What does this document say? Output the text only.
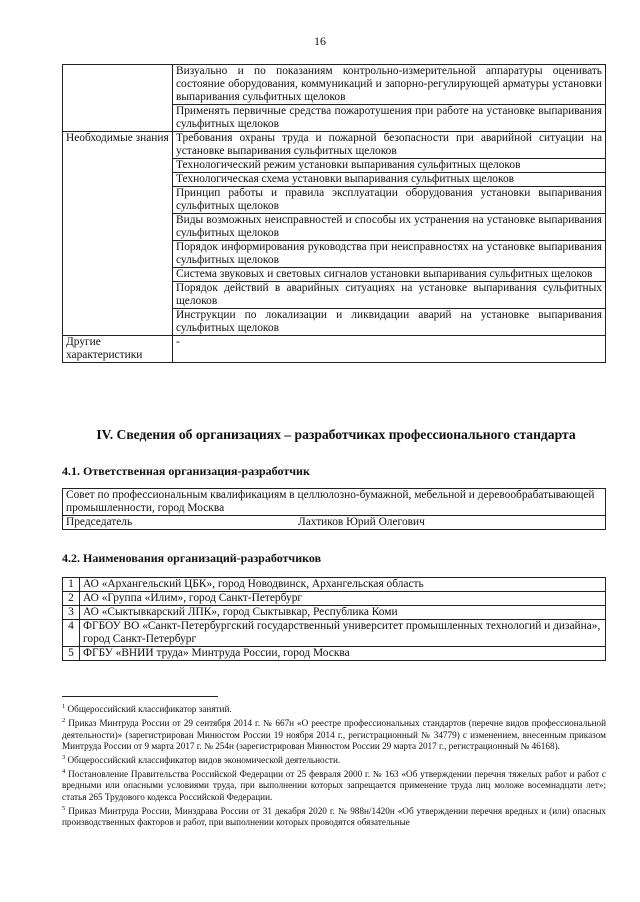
16
	Визуально и по показаниям контрольно-измерительной аппаратуры оценивать состояние оборудования, коммуникаций и запорно-регулирующей арматуры установки выпаривания сульфитных щелоков
	Применять первичные средства пожаротушения при работе на установке выпаривания сульфитных щелоков
Необходимые знания	Требования охраны труда и пожарной безопасности при аварийной ситуации на установке выпаривания сульфитных щелоков
	Технологический режим установки выпаривания сульфитных щелоков
	Технологическая схема установки выпаривания сульфитных щелоков
	Принцип работы и правила эксплуатации оборудования установки выпаривания сульфитных щелоков
	Виды возможных неисправностей и способы их устранения на установке выпаривания сульфитных щелоков
	Порядок информирования руководства при неисправностях на установке выпаривания сульфитных щелоков
	Система звуковых и световых сигналов установки выпаривания сульфитных щелоков
	Порядок действий в аварийных ситуациях на установке выпаривания сульфитных щелоков
	Инструкции по локализации и ликвидации аварий на установке выпаривания сульфитных щелоков
Другие характеристики	-
IV. Сведения об организациях – разработчиках профессионального стандарта
4.1. Ответственная организация-разработчик
Совет по профессиональным квалификациям в целлюлозно-бумажной, мебельной и деревообрабатывающей промышленности, город Москва
Председатель	Лахтиков Юрий Олегович
4.2. Наименования организаций-разработчиков
1	АО «Архангельский ЦБК», город Новодвинск, Архангельская область
2	АО «Группа «Илим», город Санкт-Петербург
3	АО «Сыктывкарский ЛПК», город Сыктывкар, Республика Коми
4	ФГБОУ ВО «Санкт-Петербургский государственный университет промышленных технологий и дизайна», город Санкт-Петербург
5	ФГБУ «ВНИИ труда» Минтруда России, город Москва

$^1$ Общероссийский классификатор занятий.

$^2$ Приказ Минтруда России от 29 сентября 2014 г. № 667н «О реестре профессиональных стандартов (перечне видов профессиональной деятельности)» (зарегистрирован Минюстом России 19 ноября 2014 г., регистрационный № 34779) с изменением, внесенным приказом Минтруда России от 9 марта 2017 г. № 254н (зарегистрирован Минюстом России 29 марта 2017 г., регистрационный № 46168).

$^3$ Общероссийский классификатор видов экономической деятельности.

$^4$ Постановление Правительства Российской Федерации от 25 февраля 2000 г. № 163 «Об утверждении перечня тяжелых работ и работ с вредными или опасными условиями труда, при выполнении которых запрещается применение труда лиц моложе восемнадцати лет»; статья 265 Трудового кодекса Российской Федерации.

$^5$ Приказ Минтруда России, Минздрава России от 31 декабря 2020 г. № 988н/1420н «Об утверждении перечня вредных и (или) опасных производственных факторов и работ, при выполнении которых проводятся обязательные
